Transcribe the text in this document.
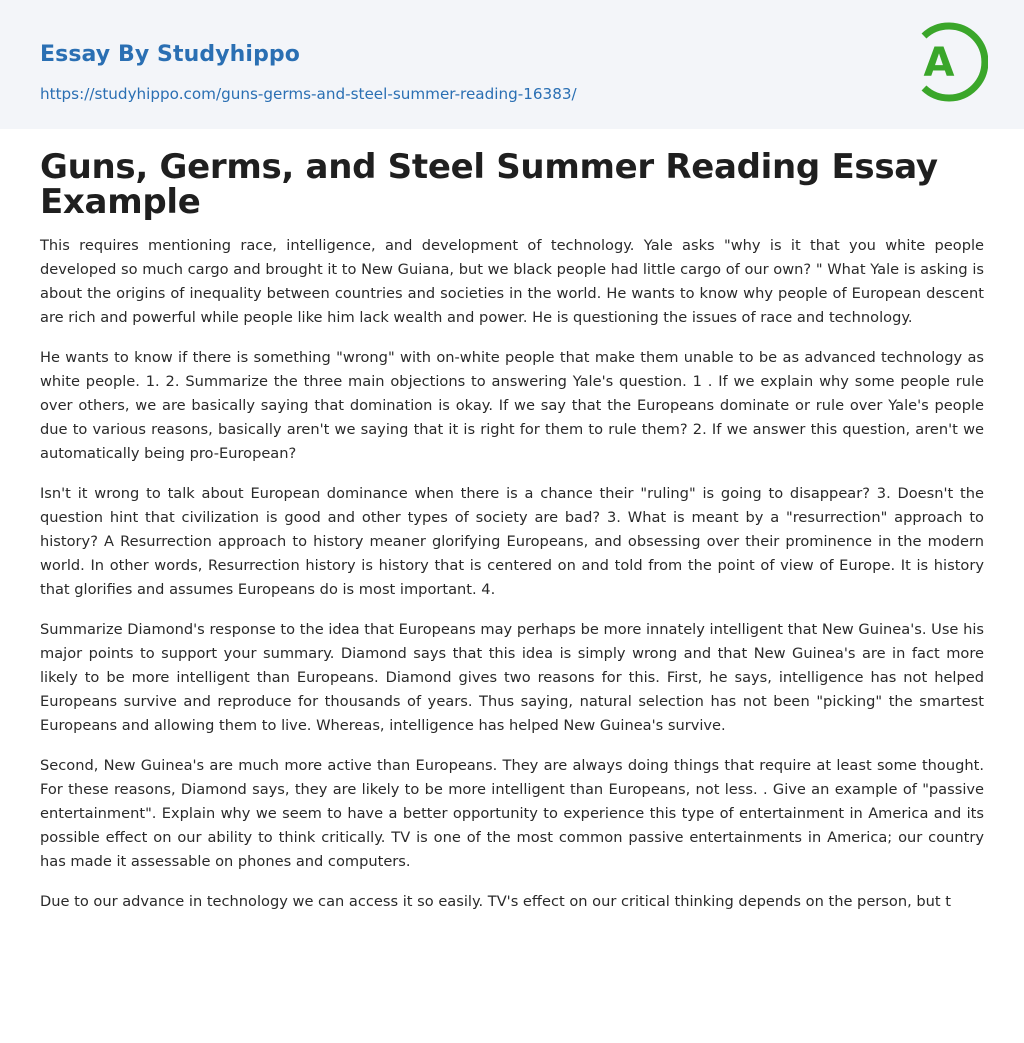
Essay By Studyhippo
https://studyhippo.com/guns-germs-and-steel-summer-reading-16383/
A
Guns, Germs, and Steel Summer Reading Essay Example

This requires mentioning race, intelligence, and development of technology. Yale asks "why is it that you white people developed so much cargo and brought it to New Guiana, but we black people had little cargo of our own? " What Yale is asking is about the origins of inequality between countries and societies in the world. He wants to know why people of European descent are rich and powerful while people like him lack wealth and power. He is questioning the issues of race and technology.

He wants to know if there is something "wrong" with on-white people that make them unable to be as advanced technology as white people. 1. 2. Summarize the three main objections to answering Yale's question. 1 . If we explain why some people rule over others, we are basically saying that domination is okay. If we say that the Europeans dominate or rule over Yale's people due to various reasons, basically aren't we saying that it is right for them to rule them? 2. If we answer this question, aren't we automatically being pro-European?

Isn't it wrong to talk about European dominance when there is a chance their "ruling" is going to disappear? 3. Doesn't the question hint that civilization is good and other types of society are bad? 3. What is meant by a "resurrection" approach to history? A Resurrection approach to history meaner glorifying Europeans, and obsessing over their prominence in the modern world. In other words, Resurrection history is history that is centered on and told from the point of view of Europe. It is history that glorifies and assumes Europeans do is most important. 4.

Summarize Diamond's response to the idea that Europeans may perhaps be more innately intelligent that New Guinea's. Use his major points to support your summary. Diamond says that this idea is simply wrong and that New Guinea's are in fact more likely to be more intelligent than Europeans. Diamond gives two reasons for this. First, he says, intelligence has not helped Europeans survive and reproduce for thousands of years. Thus saying, natural selection has not been "picking" the smartest Europeans and allowing them to live. Whereas, intelligence has helped New Guinea's survive.

Second, New Guinea's are much more active than Europeans. They are always doing things that require at least some thought. For these reasons, Diamond says, they are likely to be more intelligent than Europeans, not less. . Give an example of "passive entertainment". Explain why we seem to have a better opportunity to experience this type of entertainment in America and its possible effect on our ability to think critically. TV is one of the most common passive entertainments in America; our country has made it assessable on phones and computers.

Due to our advance in technology we can access it so easily. TV's effect on our critical thinking depends on the person, but t
